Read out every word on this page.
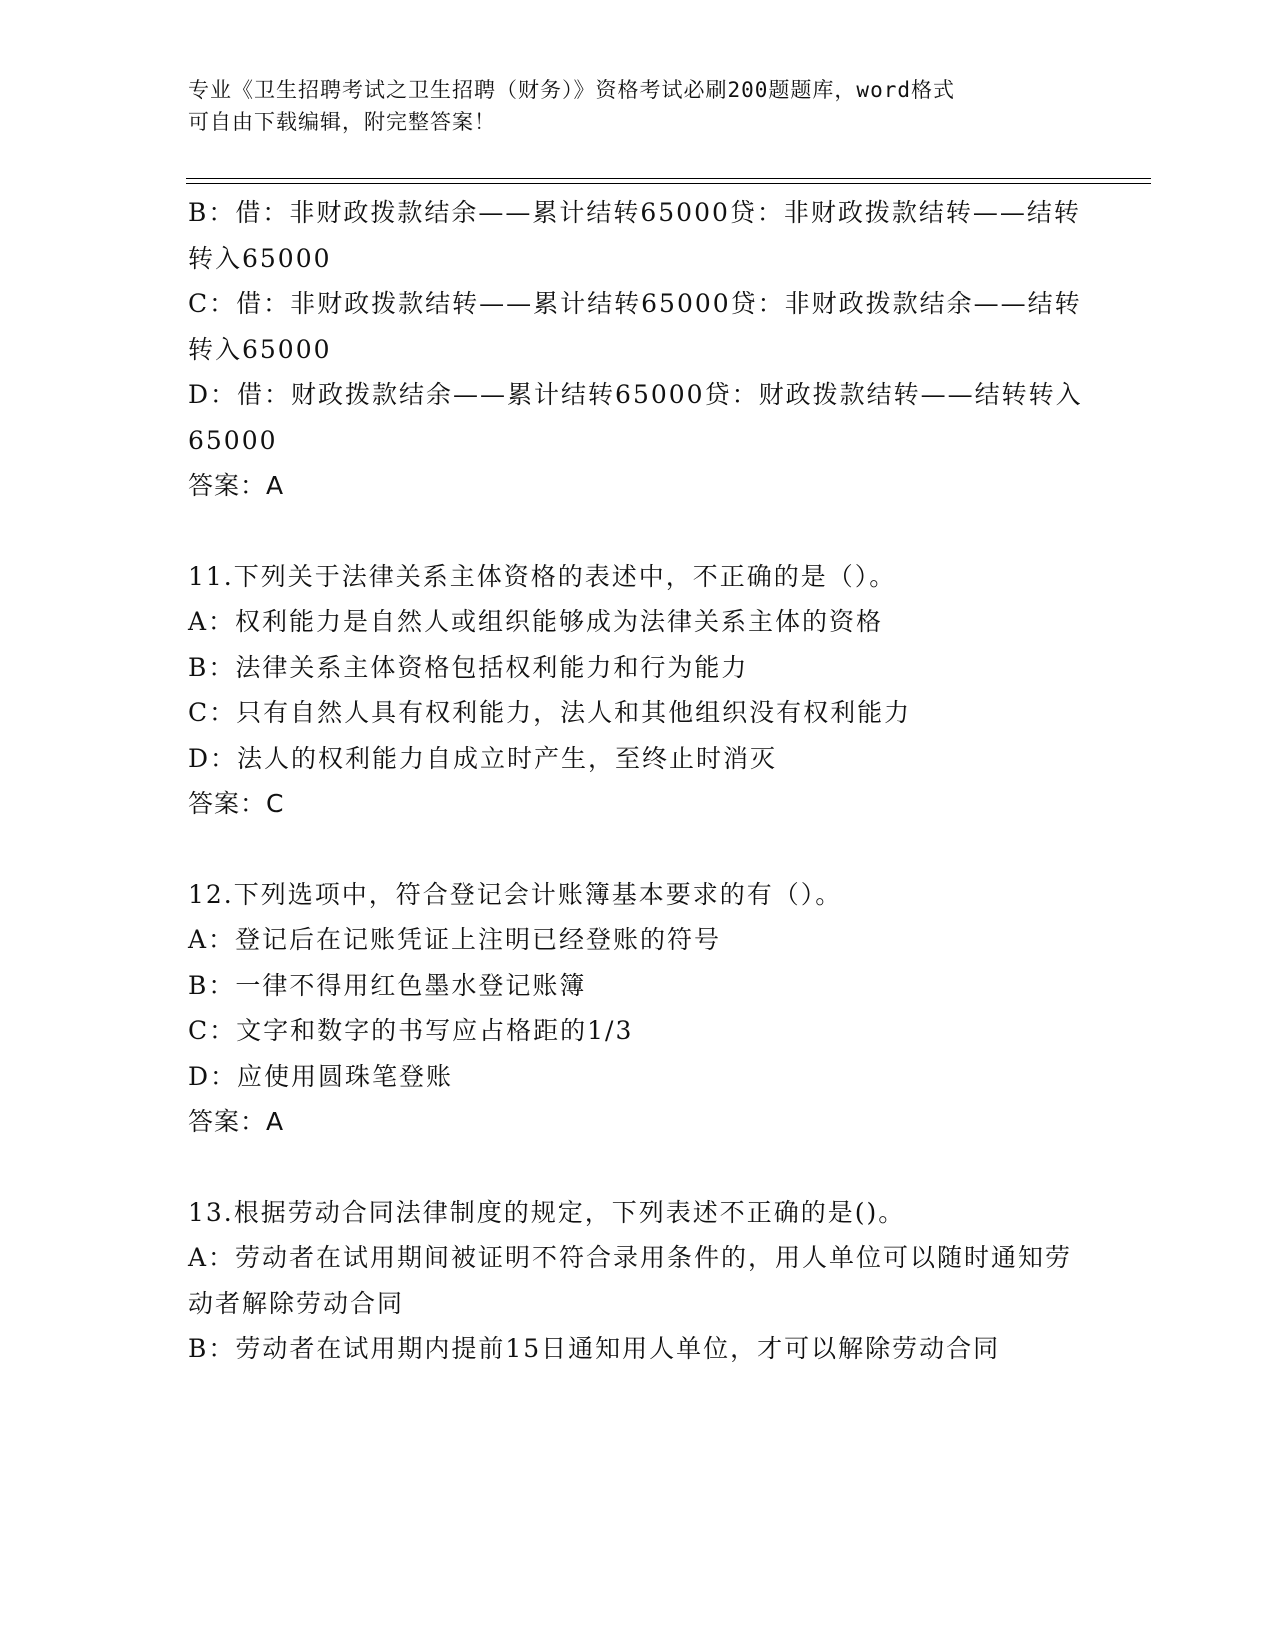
专业《卫生招聘考试之卫生招聘（财务）》资格考试必刷200题题库，word格式
可自由下载编辑，附完整答案！

B：借：非财政拨款结余——累计结转65000贷：非财政拨款结转——结转转入65000

C：借：非财政拨款结转——累计结转65000贷：非财政拨款结余——结转转入65000

D：借：财政拨款结余——累计结转65000贷：财政拨款结转——结转转入65000

答案：A

11.下列关于法律关系主体资格的表述中，不正确的是（）。

A：权利能力是自然人或组织能够成为法律关系主体的资格

B：法律关系主体资格包括权利能力和行为能力

C：只有自然人具有权利能力，法人和其他组织没有权利能力

D：法人的权利能力自成立时产生，至终止时消灭

答案：C

12.下列选项中，符合登记会计账簿基本要求的有（）。

A：登记后在记账凭证上注明已经登账的符号

B：一律不得用红色墨水登记账簿

C：文字和数字的书写应占格距的1/3

D：应使用圆珠笔登账

答案：A

13.根据劳动合同法律制度的规定，下列表述不正确的是()。

A：劳动者在试用期间被证明不符合录用条件的，用人单位可以随时通知劳动者解除劳动合同

B：劳动者在试用期内提前15日通知用人单位，才可以解除劳动合同
